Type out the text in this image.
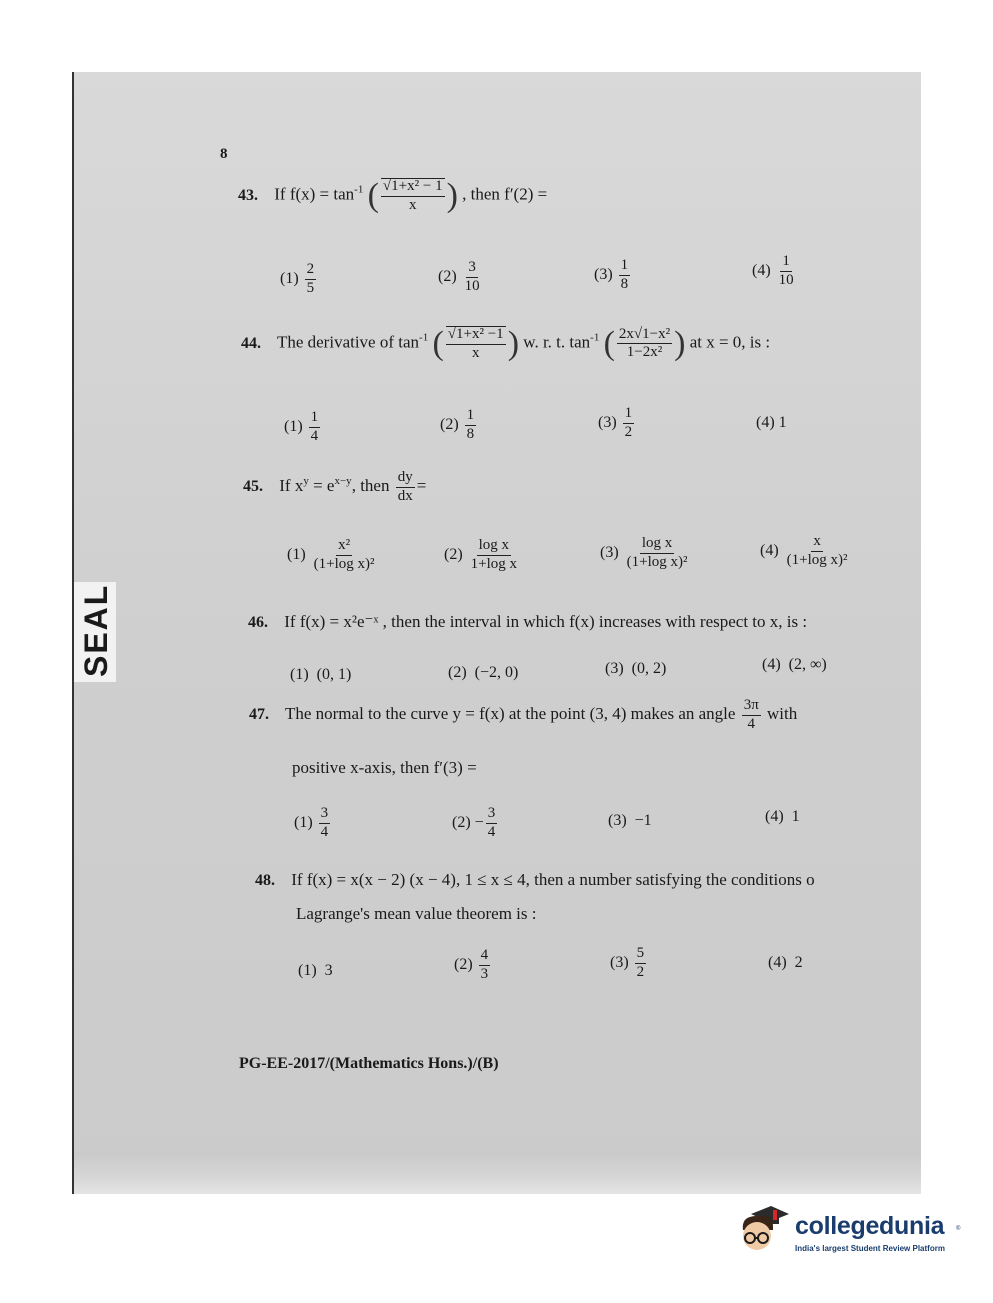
SEAL
8
43. If $f(x) = \tan^{-1}$ ( $\frac{\text{√1+x² − 1}}{x}$ ) , then f′(2) =
$(1) \frac{2}{5}$	$(2) \frac{3}{10}$	$(3) \frac{1}{8}$	$(4) \frac{1}{10}$
44. The derivative of $\tan^{-1}$ ( $\frac{\text{√1+x² −1}}{x}$ ) w. r. t. $\tan^{-1}$ ( $\frac{\text{2x√1−x²}}{\text{1−2x²}}$ ) at x = 0, is :
$(1) \frac{1}{4}$	$(2) \frac{1}{8}$	$(3) \frac{1}{2}$	(4) 1
45. If $x^y = e^{x-y}$, then $\frac{dy}{dx}$ =
$(1) \frac{\text{x²}}{\text{(1+log x)²}}$	$(2) \frac{\text{log x}}{\text{1+log x}}$	$(3) \frac{\text{log x}}{\text{(1+log x)²}}$	$(4) \frac{x}{\text{(1+log x)²}}$
46. If f(x) = x²e⁻ˣ , then the interval in which f(x) increases with respect to x, is :
(1) (0, 1)	(2) (−2, 0)	(3) (0, 2)	(4) (2, ∞)
47. The normal to the curve y = f(x) at the point (3, 4) makes an angle $\frac{3\pi}{4}$ with
positive x-axis, then f′(3) =
$(1) \frac{3}{4}$	$(2) - \frac{3}{4}$	(3) −1	(4) 1
48. If f(x) = x(x − 2) (x − 4), 1 ≤ x ≤ 4, then a number satisfying the conditions o
Lagrange's mean value theorem is :
(1) 3	$(2) \frac{4}{3}$	$(3) \frac{5}{2}$	(4) 2
PG-EE-2017/(Mathematics Hons.)/(B)
collegedunia ®
India's largest Student Review Platform
